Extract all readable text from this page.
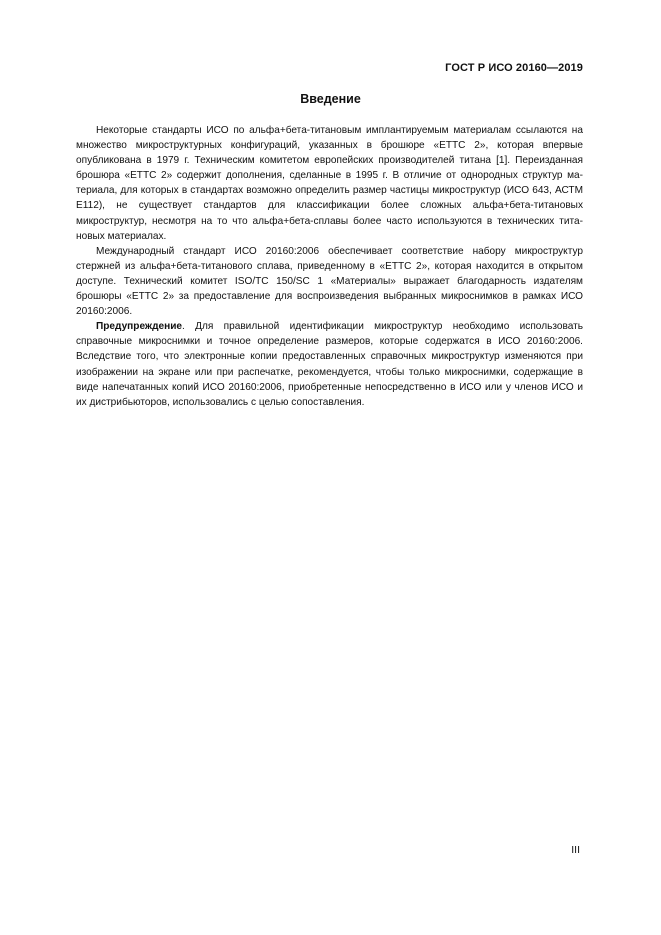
ГОСТ Р ИСО 20160—2019
Введение

Некоторые стандарты ИСО по альфа+бета-титановым имплантируемым материалам ссылаются на множество микроструктурных конфигураций, указанных в брошюре «ETTC 2», которая впервые опубликована в 1979 г. Техническим комитетом европейских производителей титана [1]. Переизданная брошюра «ETTC 2» содержит дополнения, сделанные в 1995 г. В отличие от однородных структур материала, для которых в стандартах возможно определить размер частицы микроструктур (ИСО 643, АСТМ Е112), не существует стандартов для классификации более сложных альфа+бета-титановых микроструктур, несмотря на то что альфа+бета-сплавы более часто используются в технических титановых материалах.

Международный стандарт ИСО 20160:2006 обеспечивает соответствие набору микроструктур стержней из альфа+бета-титанового сплава, приведенному в «ETTC 2», которая находится в открытом доступе. Технический комитет ISO/TC 150/SC 1 «Материалы» выражает благодарность издателям брошюры «ETTC 2» за предоставление для воспроизведения выбранных микроснимков в рамках ИСО 20160:2006.

Предупреждение. Для правильной идентификации микроструктур необходимо использовать справочные микроснимки и точное определение размеров, которые содержатся в ИСО 20160:2006. Вследствие того, что электронные копии предоставленных справочных микроструктур изменяются при изображении на экране или при распечатке, рекомендуется, чтобы только микроснимки, содержащие в виде напечатанных копий ИСО 20160:2006, приобретенные непосредственно в ИСО или у членов ИСО и их дистрибьюторов, использовались с целью сопоставления.

III
